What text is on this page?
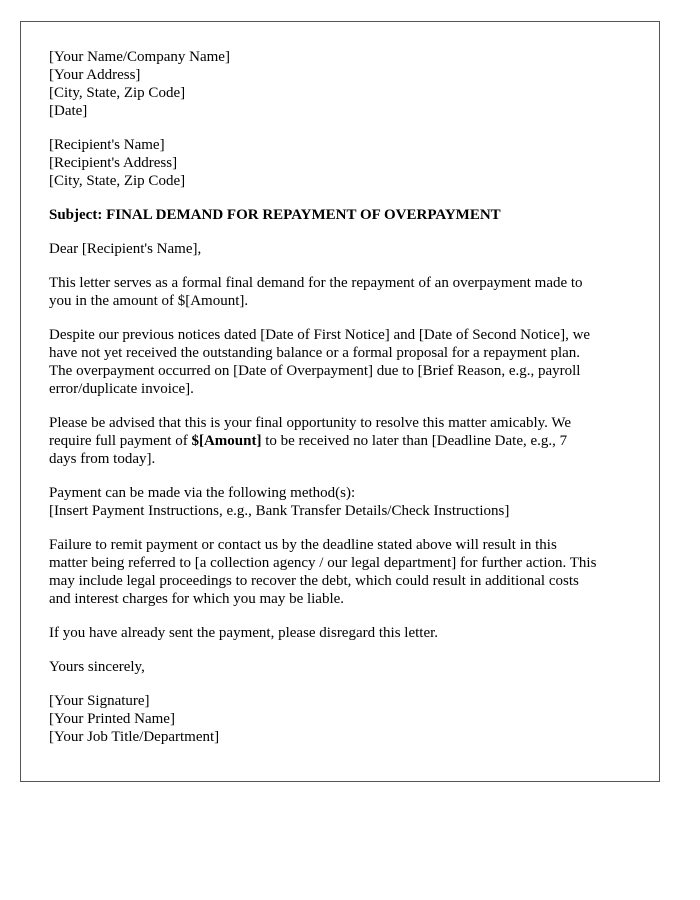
[Your Name/Company Name]
[Your Address]
[City, State, Zip Code]
[Date]
[Recipient's Name]
[Recipient's Address]
[City, State, Zip Code]
Subject: FINAL DEMAND FOR REPAYMENT OF OVERPAYMENT
Dear [Recipient's Name],
This letter serves as a formal final demand for the repayment of an overpayment made to
you in the amount of $[Amount].
Despite our previous notices dated [Date of First Notice] and [Date of Second Notice], we
have not yet received the outstanding balance or a formal proposal for a repayment plan.
The overpayment occurred on [Date of Overpayment] due to [Brief Reason, e.g., payroll
error/duplicate invoice].
Please be advised that this is your final opportunity to resolve this matter amicably. We
require full payment of $[Amount] to be received no later than [Deadline Date, e.g., 7
days from today].
Payment can be made via the following method(s):
[Insert Payment Instructions, e.g., Bank Transfer Details/Check Instructions]
Failure to remit payment or contact us by the deadline stated above will result in this
matter being referred to [a collection agency / our legal department] for further action. This
may include legal proceedings to recover the debt, which could result in additional costs
and interest charges for which you may be liable.
If you have already sent the payment, please disregard this letter.
Yours sincerely,
[Your Signature]
[Your Printed Name]
[Your Job Title/Department]
